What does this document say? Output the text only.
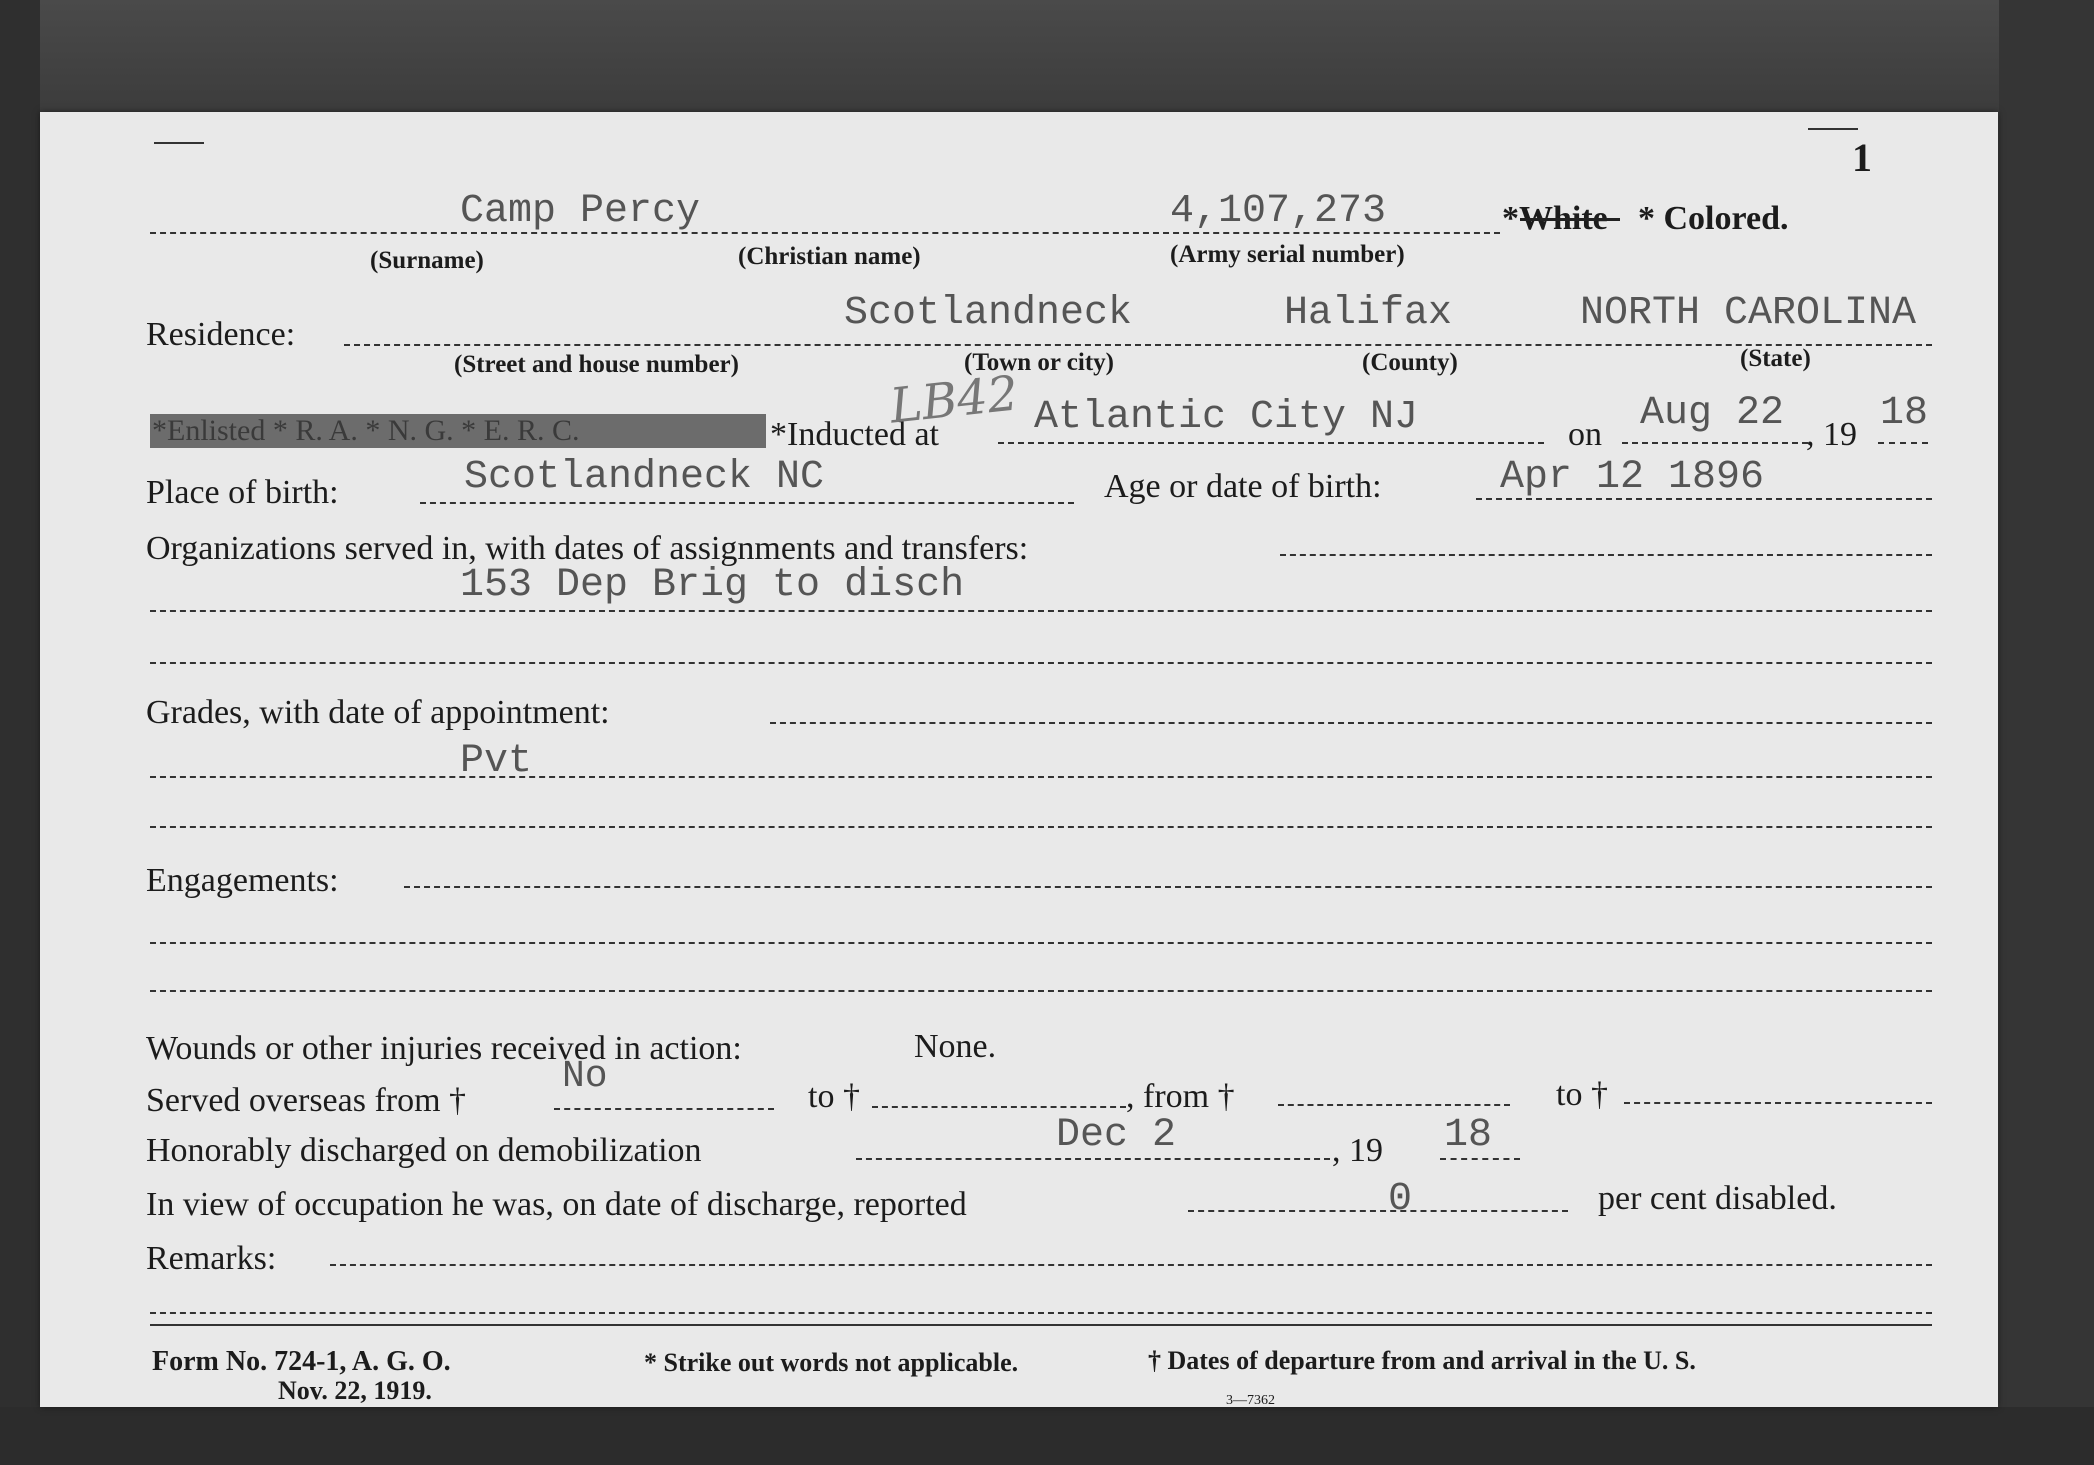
1
Camp Percy	4,107,273	*White * Colored.
(Surname)	(Christian name)	(Army serial number)
Residence:	Scotlandneck	Halifax	NORTH CAROLINA
(Street and house number)	(Town or city)	(County)	(State)
*Enlisted * R. A. * N. G. * E. R. C.	*Inducted at
LB42 Atlantic City NJ	on Aug 22 , 19 18
Place of birth:	Scotlandneck NC	Age or date of birth:	Apr 12 1896
Organizations served in, with dates of assignments and transfers:
153 Dep Brig to disch
Grades, with date of appointment:
Pvt
Engagements:
Wounds or other injuries received in action:	None.
No
Served overseas from †	to †	, from †	to †
Honorably discharged on demobilization	Dec 2	, 19 18
In view of occupation he was, on date of discharge, reported	0	per cent disabled.
Remarks:
Form No. 724-1, A. G. O.
Nov. 22, 1919.
* Strike out words not applicable.	† Dates of departure from and arrival in the U. S.
3—7362
